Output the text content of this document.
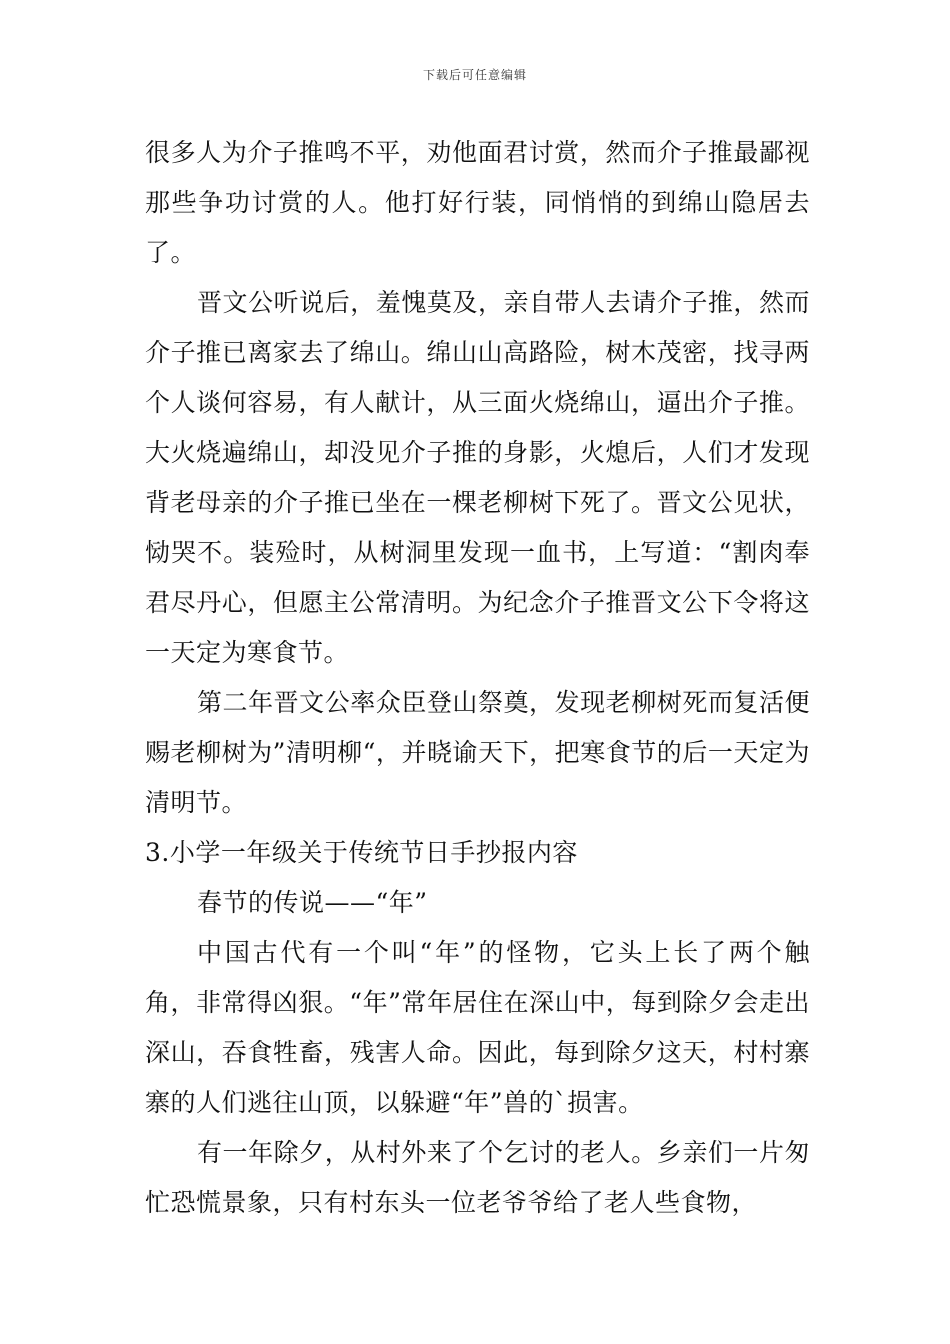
下载后可任意编辑

很多人为介子推鸣不平，劝他面君讨赏，然而介子推最鄙视那些争功讨赏的人。他打好行装，同悄悄的到绵山隐居去了。

晋文公听说后，羞愧莫及，亲自带人去请介子推，然而介子推已离家去了绵山。绵山山高路险，树木茂密，找寻两个人谈何容易，有人献计，从三面火烧绵山，逼出介子推。大火烧遍绵山，却没见介子推的身影，火熄后，人们才发现背老母亲的介子推已坐在一棵老柳树下死了。晋文公见状，恸哭不。装殓时，从树洞里发现一血书，上写道：“割肉奉君尽丹心，但愿主公常清明。为纪念介子推晋文公下令将这一天定为寒食节。

第二年晋文公率众臣登山祭奠，发现老柳树死而复活便赐老柳树为”清明柳“，并晓谕天下，把寒食节的后一天定为清明节。

3.小学一年级关于传统节日手抄报内容

春节的传说——“年”

中国古代有一个叫“年”的怪物，它头上长了两个触角，非常得凶狠。“年”常年居住在深山中，每到除夕会走出深山，吞食牲畜，残害人命。因此，每到除夕这天，村村寨寨的人们逃往山顶，以躲避“年”兽的`损害。

有一年除夕，从村外来了个乞讨的老人。乡亲们一片匆忙恐慌景象，只有村东头一位老爷爷给了老人些食物，
